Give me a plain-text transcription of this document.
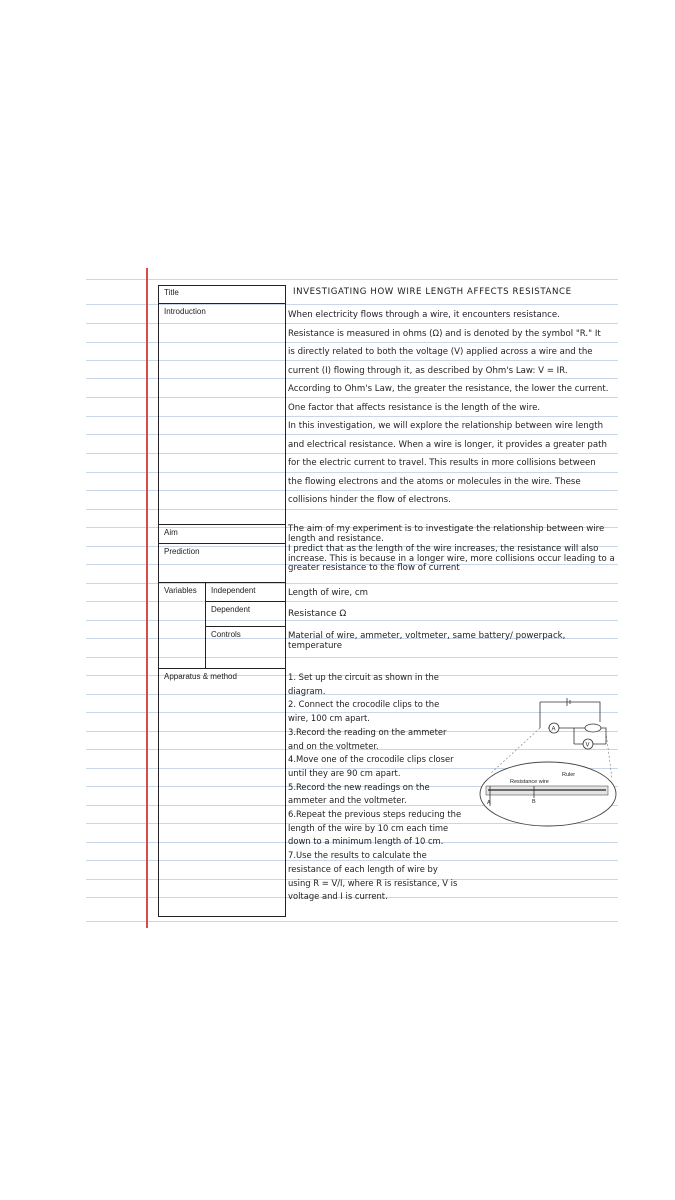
Title
Introduction
Aim
Prediction
Variables Independent
Dependent
Controls
Apparatus & method
INVESTIGATING HOW WIRE LENGTH AFFECTS RESISTANCE
When electricity flows through a wire, it encounters resistance.
Resistance is measured in ohms (Ω) and is denoted by the symbol "R." It
is directly related to both the voltage (V) applied across a wire and the
current (I) flowing through it, as described by Ohm's Law: V = IR.
According to Ohm's Law, the greater the resistance, the lower the current.
One factor that affects resistance is the length of the wire.
In this investigation, we will explore the relationship between wire length
and electrical resistance. When a wire is longer, it provides a greater path
for the electric current to travel. This results in more collisions between
the flowing electrons and the atoms or molecules in the wire. These
collisions hinder the flow of electrons.
The aim of my experiment is to investigate the relationship between wire
length and resistance.
I predict that as the length of the wire increases, the resistance will also
increase. This is because in a longer wire, more collisions occur leading to a
greater resistance to the flow of current
Length of wire, cm
Resistance Ω
Material of wire, ammeter, voltmeter, same battery/ powerpack,
temperature
1. Set up the circuit as shown in the
diagram.
2. Connect the crocodile clips to the
wire, 100 cm apart.
3.Record the reading on the ammeter
and on the voltmeter.
4.Move one of the crocodile clips closer
until they are 90 cm apart.
5.Record the new readings on the
ammeter and the voltmeter.
6.Repeat the previous steps reducing the
length of the wire by 10 cm each time
down to a minimum length of 10 cm.
7.Use the results to calculate the
resistance of each length of wire by
using R = V/I, where R is resistance, V is
voltage and I is current.
A
V
Ruler
Resistance wire
A	B
